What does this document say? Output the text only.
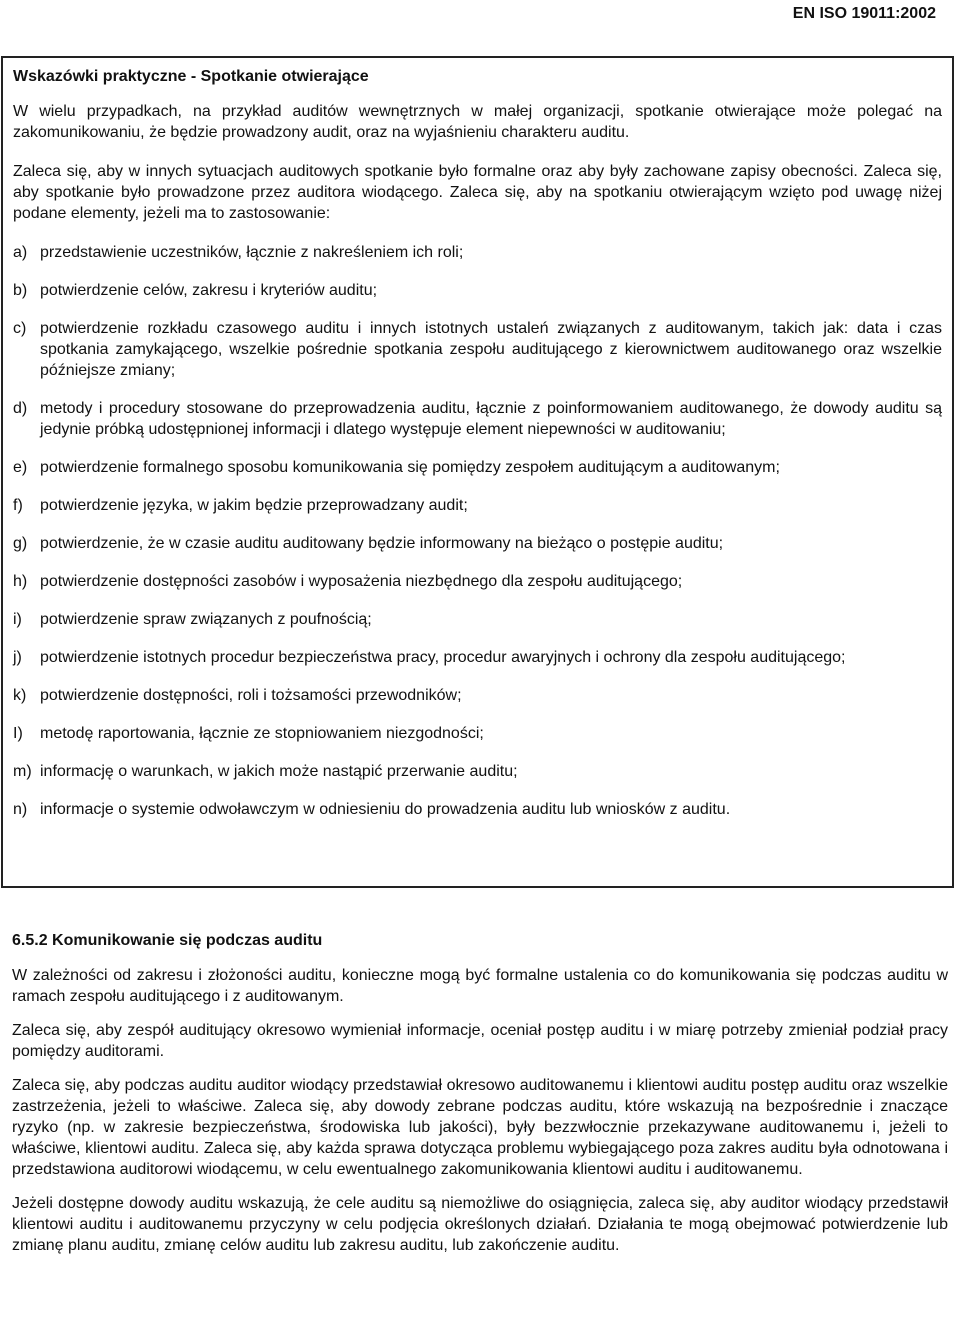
EN ISO 19011:2002
Wskazówki praktyczne - Spotkanie otwierające

W wielu przypadkach, na przykład auditów wewnętrznych w małej organizacji, spotkanie otwierające może polegać na zakomunikowaniu, że będzie prowadzony audit, oraz na wyjaśnieniu charakteru auditu.

Zaleca się, aby w innych sytuacjach auditowych spotkanie było formalne oraz aby były zachowane zapisy obecności. Zaleca się, aby spotkanie było prowadzone przez auditora wiodącego. Zaleca się, aby na spotkaniu otwierającym wzięto pod uwagę niżej podane elementy, jeżeli ma to zastosowanie:

a) przedstawienie uczestników, łącznie z nakreśleniem ich roli;
b) potwierdzenie celów, zakresu i kryteriów auditu;
c) potwierdzenie rozkładu czasowego auditu i innych istotnych ustaleń związanych z auditowanym, takich jak: data i czas spotkania zamykającego, wszelkie pośrednie spotkania zespołu auditującego z kierownictwem auditowanego oraz wszelkie późniejsze zmiany;
d) metody i procedury stosowane do przeprowadzenia auditu, łącznie z poinformowaniem auditowanego, że dowody auditu są jedynie próbką udostępnionej informacji i dlatego występuje element niepewności w auditowaniu;
e) potwierdzenie formalnego sposobu komunikowania się pomiędzy zespołem auditującym a auditowanym;
f) potwierdzenie języka, w jakim będzie przeprowadzany audit;
g) potwierdzenie, że w czasie auditu auditowany będzie informowany na bieżąco o postępie auditu;
h) potwierdzenie dostępności zasobów i wyposażenia niezbędnego dla zespołu auditującego;
i) potwierdzenie spraw związanych z poufnością;
j) potwierdzenie istotnych procedur bezpieczeństwa pracy, procedur awaryjnych i ochrony dla zespołu auditującego;
k) potwierdzenie dostępności, roli i tożsamości przewodników;
I) metodę raportowania, łącznie ze stopniowaniem niezgodności;
m) informację o warunkach, w jakich może nastąpić przerwanie auditu;
n) informacje o systemie odwoławczym w odniesieniu do prowadzenia auditu lub wniosków z auditu.
6.5.2 Komunikowanie się podczas auditu

W zależności od zakresu i złożoności auditu, konieczne mogą być formalne ustalenia co do komunikowania się podczas auditu w ramach zespołu auditującego i z auditowanym.

Zaleca się, aby zespół auditujący okresowo wymieniał informacje, oceniał postęp auditu i w miarę potrzeby zmieniał podział pracy pomiędzy auditorami.

Zaleca się, aby podczas auditu auditor wiodący przedstawiał okresowo auditowanemu i klientowi auditu postęp auditu oraz wszelkie zastrzeżenia, jeżeli to właściwe. Zaleca się, aby dowody zebrane podczas auditu, które wskazują na bezpośrednie i znaczące ryzyko (np. w zakresie bezpieczeństwa, środowiska lub jakości), były bezzwłocznie przekazywane auditowanemu i, jeżeli to właściwe, klientowi auditu. Zaleca się, aby każda sprawa dotycząca problemu wybiegającego poza zakres auditu była odnotowana i przedstawiona auditorowi wiodącemu, w celu ewentualnego zakomunikowania klientowi auditu i auditowanemu.

Jeżeli dostępne dowody auditu wskazują, że cele auditu są niemożliwe do osiągnięcia, zaleca się, aby auditor wiodący przedstawił klientowi auditu i auditowanemu przyczyny w celu podjęcia określonych działań. Działania te mogą obejmować potwierdzenie lub zmianę planu auditu, zmianę celów auditu lub zakresu auditu, lub zakończenie auditu.
